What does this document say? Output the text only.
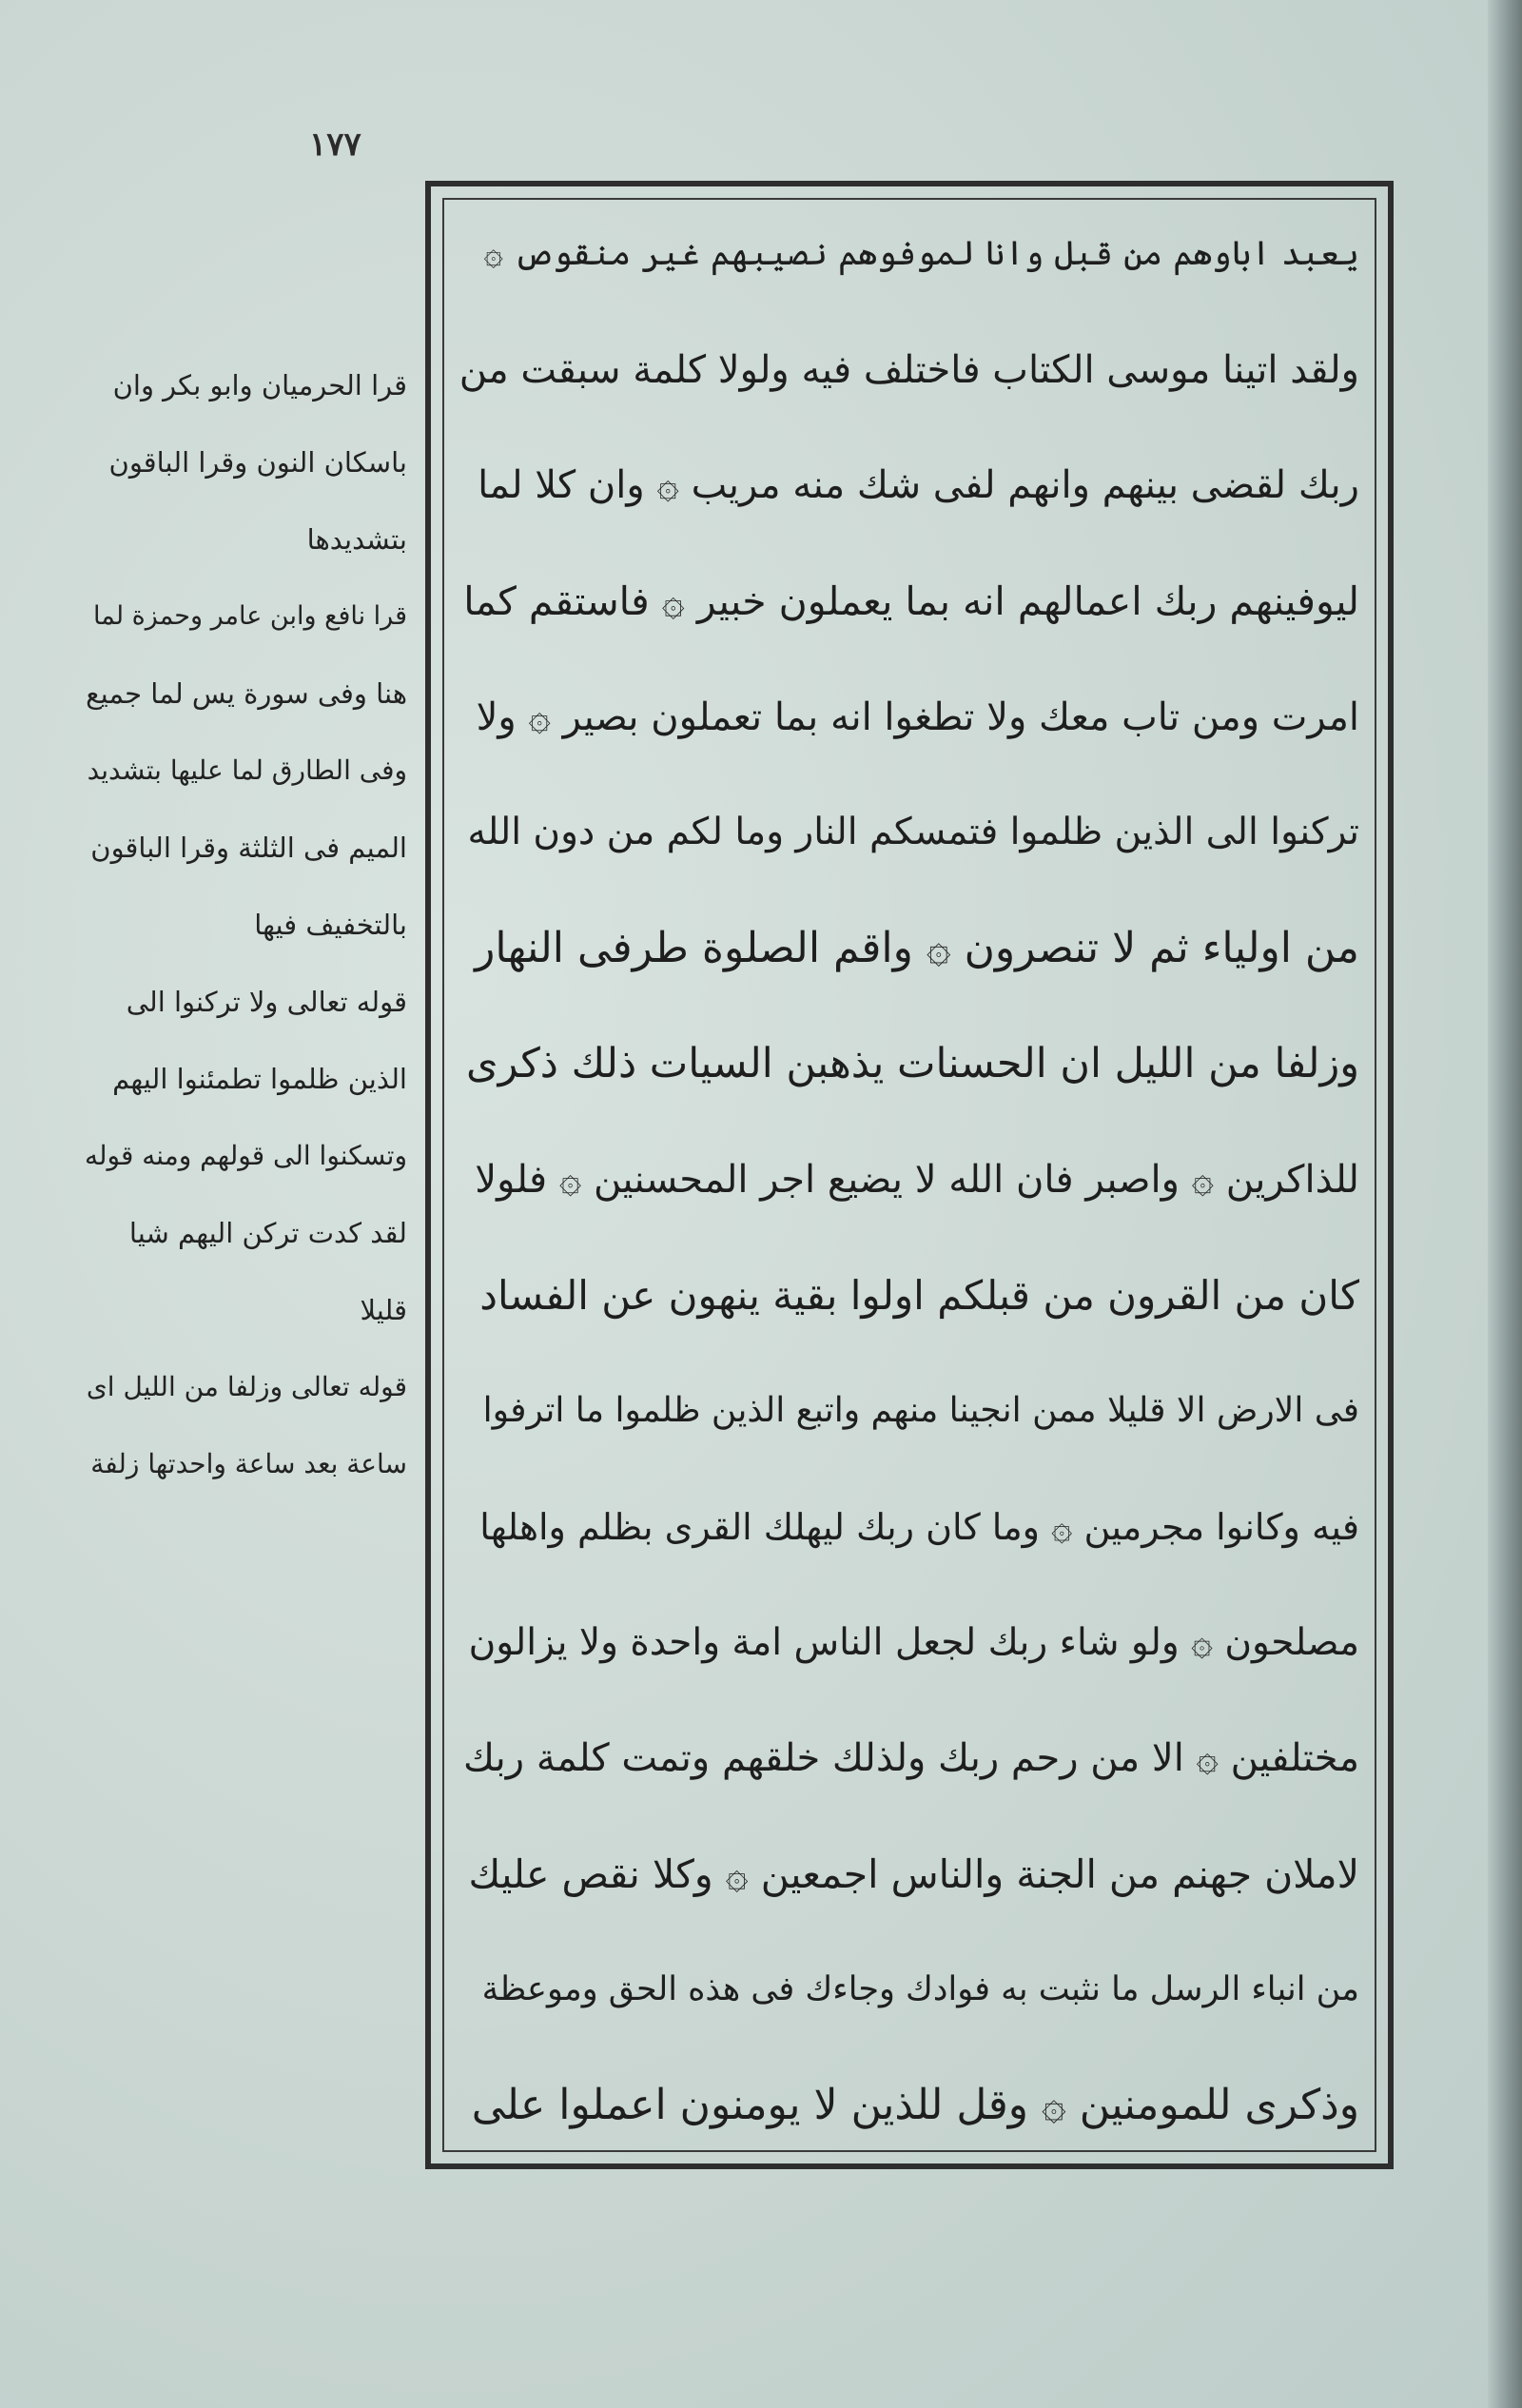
١٧٧
قرا الحرميان وابو بكر وان
باسكان النون وقرا الباقون
بتشديدها
قرا نافع وابن عامر وحمزة لما
هنا وفى سورة يس لما جميع
وفى الطارق لما عليها بتشديد
الميم فى الثلثة وقرا الباقون
بالتخفيف فيها
قوله تعالى ولا تركنوا الى
الذين ظلموا تطمئنوا اليهم
وتسكنوا الى قولهم ومنه قوله
لقد كدت تركن اليهم شيا
قليلا
قوله تعالى وزلفا من الليل اى
ساعة بعد ساعة واحدتها زلفة
يعبد اباوهم من قبل وانا لموفوهم نصيبهم غير منقوص ۞
ولقد اتينا موسى الكتاب فاختلف فيه ولولا كلمة سبقت من
ربك لقضى بينهم وانهم لفى شك منه مريب ۞ وان كلا لما
ليوفينهم ربك اعمالهم انه بما يعملون خبير ۞ فاستقم كما
امرت ومن تاب معك ولا تطغوا انه بما تعملون بصير ۞ ولا
تركنوا الى الذين ظلموا فتمسكم النار وما لكم من دون الله
من اولياء ثم لا تنصرون ۞ واقم الصلوة طرفى النهار
وزلفا من الليل ان الحسنات يذهبن السيات ذلك ذكرى
للذاكرين ۞ واصبر فان الله لا يضيع اجر المحسنين ۞ فلولا
كان من القرون من قبلكم اولوا بقية ينهون عن الفساد
فى الارض الا قليلا ممن انجينا منهم واتبع الذين ظلموا ما اترفوا
فيه وكانوا مجرمين ۞ وما كان ربك ليهلك القرى بظلم واهلها
مصلحون ۞ ولو شاء ربك لجعل الناس امة واحدة ولا يزالون
مختلفين ۞ الا من رحم ربك ولذلك خلقهم وتمت كلمة ربك
لاملان جهنم من الجنة والناس اجمعين ۞ وكلا نقص عليك
من انباء الرسل ما نثبت به فوادك وجاءك فى هذه الحق وموعظة
وذكرى للمومنين ۞ وقل للذين لا يومنون اعملوا على
